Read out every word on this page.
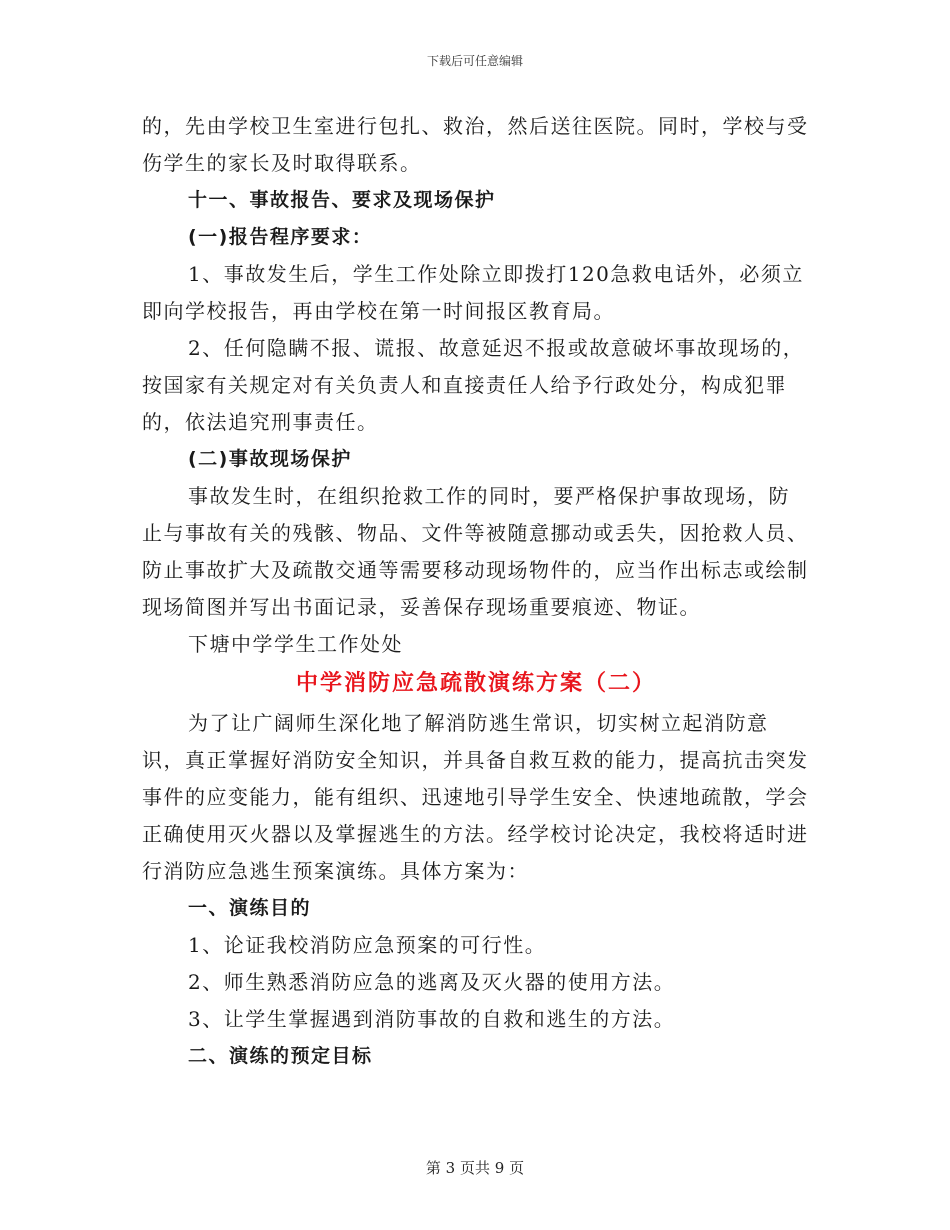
下载后可任意编辑

的，先由学校卫生室进行包扎、救治，然后送往医院。同时，学校与受伤学生的家长及时取得联系。

十一、事故报告、要求及现场保护

(一)报告程序要求：

1、事故发生后，学生工作处除立即拨打120急救电话外，必须立即向学校报告，再由学校在第一时间报区教育局。

2、任何隐瞒不报、谎报、故意延迟不报或故意破坏事故现场的，按国家有关规定对有关负责人和直接责任人给予行政处分，构成犯罪的，依法追究刑事责任。

(二)事故现场保护

事故发生时，在组织抢救工作的同时，要严格保护事故现场，防止与事故有关的残骸、物品、文件等被随意挪动或丢失，因抢救人员、防止事故扩大及疏散交通等需要移动现场物件的，应当作出标志或绘制现场简图并写出书面记录，妥善保存现场重要痕迹、物证。

下塘中学学生工作处处

中学消防应急疏散演练方案（二）

为了让广阔师生深化地了解消防逃生常识，切实树立起消防意识，真正掌握好消防安全知识，并具备自救互救的能力，提高抗击突发事件的应变能力，能有组织、迅速地引导学生安全、快速地疏散，学会正确使用灭火器以及掌握逃生的方法。经学校讨论决定，我校将适时进行消防应急逃生预案演练。具体方案为：

一、演练目的

1、论证我校消防应急预案的可行性。

2、师生熟悉消防应急的逃离及灭火器的使用方法。

3、让学生掌握遇到消防事故的自救和逃生的方法。

二、演练的预定目标

第 3 页共 9 页
